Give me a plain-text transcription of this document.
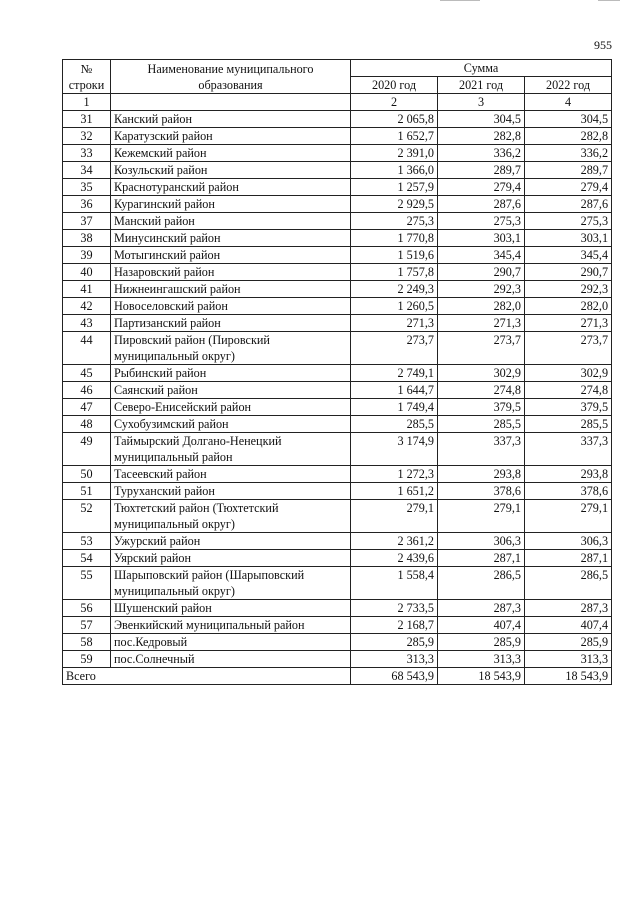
955
№ строки	Наименование муниципального образования	Сумма		
		2020 год	2021 год	2022 год
1		2	3	4
31	Канский район	2 065,8	304,5	304,5
32	Каратузский район	1 652,7	282,8	282,8
33	Кежемский район	2 391,0	336,2	336,2
34	Козульский район	1 366,0	289,7	289,7
35	Краснотуранский район	1 257,9	279,4	279,4
36	Курагинский район	2 929,5	287,6	287,6
37	Манский район	275,3	275,3	275,3
38	Минусинский район	1 770,8	303,1	303,1
39	Мотыгинский район	1 519,6	345,4	345,4
40	Назаровский район	1 757,8	290,7	290,7
41	Нижнеингашский район	2 249,3	292,3	292,3
42	Новоселовский район	1 260,5	282,0	282,0
43	Партизанский район	271,3	271,3	271,3
44	Пировский район (Пировский муниципальный округ)	273,7	273,7	273,7
45	Рыбинский район	2 749,1	302,9	302,9
46	Саянский район	1 644,7	274,8	274,8
47	Северо-Енисейский район	1 749,4	379,5	379,5
48	Сухобузимский район	285,5	285,5	285,5
49	Таймырский Долгано-Ненецкий муниципальный район	3 174,9	337,3	337,3
50	Тасеевский район	1 272,3	293,8	293,8
51	Туруханский район	1 651,2	378,6	378,6
52	Тюхтетский район (Тюхтетский муниципальный округ)	279,1	279,1	279,1
53	Ужурский район	2 361,2	306,3	306,3
54	Уярский район	2 439,6	287,1	287,1
55	Шарыповский район (Шарыповский муниципальный округ)	1 558,4	286,5	286,5
56	Шушенский район	2 733,5	287,3	287,3
57	Эвенкийский муниципальный район	2 168,7	407,4	407,4
58	пос.Кедровый	285,9	285,9	285,9
59	пос.Солнечный	313,3	313,3	313,3
Всего		68 543,9	18 543,9	18 543,9
